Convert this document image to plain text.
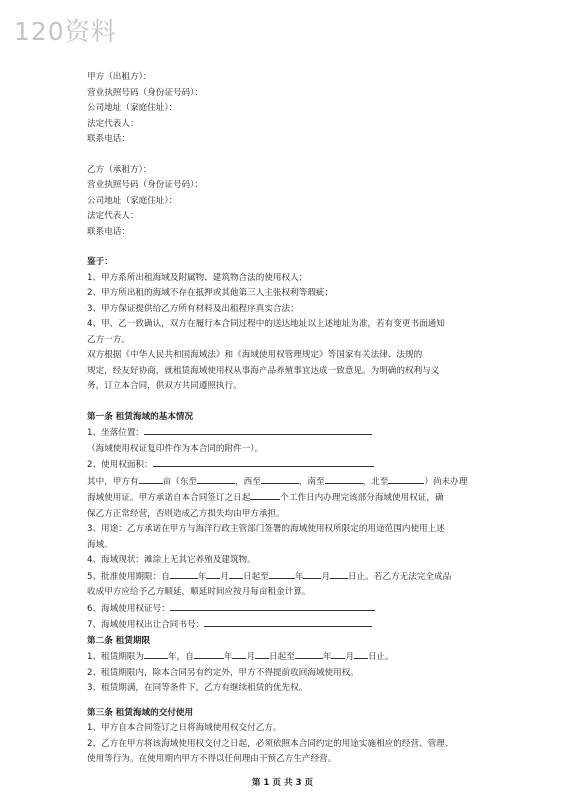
120资料
甲方（出租方）：
营业执照号码（身份证号码）：
公司地址（家庭住址）：
法定代表人：
联系电话：
乙方（承租方）：
营业执照号码（身份证号码）：
公司地址（家庭住址）：
法定代表人：
联系电话：
鉴于：
1、甲方系所出租海域及附属物、建筑物合法的使用权人；
2、甲方所出租的海域不存在抵押或其他第三人主张权利等瑕疵；
3、甲方保证提供给乙方所有材料及出租程序真实合法；
4、甲、乙一致确认，双方在履行本合同过程中的送达地址以上述地址为准，若有变更书面通知
乙方一方。
双方根据《中华人民共和国海域法》和《海域使用权管理规定》等国家有关法律、法规的
规定，经友好协商，就租赁海域使用权从事海产品养殖事宜达成一致意见。为明确的权利与义
务，订立本合同，供双方共同遵照执行。
第一条 租赁海域的基本情况
1、坐落位置：
（海域使用权证复印件作为本合同的附件一）。
2、使用权面积：
其中，甲方有	亩（东至	，西至	，南至	，北至	）尚未办理
海域使用证。甲方承诺自本合同签订之日起	个工作日内办理完该部分海域使用权证，确
保乙方正常经营，否则造成乙方损失均由甲方承担。
3、用途：乙方承诺在甲方与海洋行政主管部门签署的海域使用权所限定的用途范围内使用上述
海域。
4、海域现状：滩涂上无其它养殖及建筑物。
5、批准使用期限：自	年 月 日起至	年 月 日止。若乙方无法完全成品
收成甲方应给予乙方顺延，顺延时间应按月每亩租金计算。
6、海域使用权证号：
7、海域使用权出让合同书号：
第二条 租赁期限
1、租赁期限为	年，自	年 月 日起至	年 月 日止。
2、租赁期限内，除本合同另有约定外，甲方不得提前收回海域使用权。
3、租赁期满，在同等条件下，乙方有继续租赁的优先权。
第三条 租赁海域的交付使用
1、甲方自本合同签订之日将海域使用权交付乙方。
2、乙方在甲方将该海域使用权交付之日起，必须依照本合同约定的用途实施相应的经营、管理、
使用等行为。在使用期内甲方不得以任何理由干预乙方生产经营。
第 1 页 共 3 页
